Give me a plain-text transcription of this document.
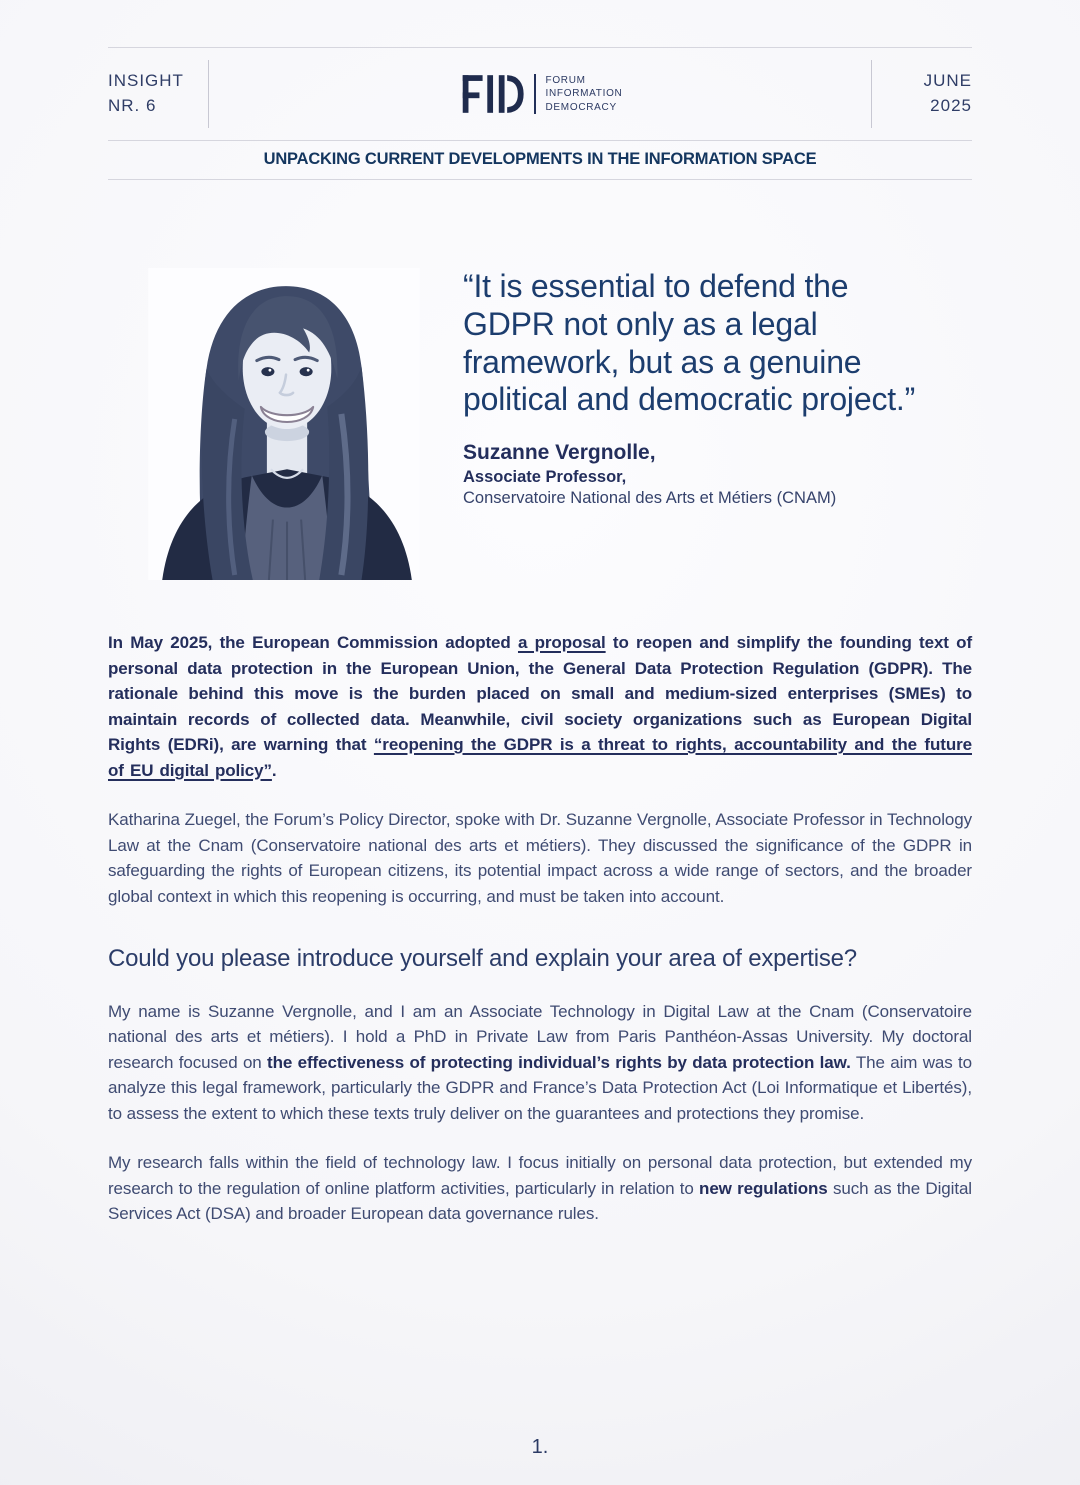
INSIGHT
NR. 6
FORUM
INFORMATION
DEMOCRACY
JUNE
2025
UNPACKING CURRENT DEVELOPMENTS IN THE INFORMATION SPACE
“It is essential to defend the GDPR not only as a legal framework, but as a genuine political and democratic project.”
Suzanne Vergnolle,
Associate Professor,
Conservatoire National des Arts et Métiers (CNAM)

In May 2025, the European Commission adopted a proposal to reopen and simplify the founding text of personal data protection in the European Union, the General Data Protection Regulation (GDPR). The rationale behind this move is the burden placed on small and medium-sized enterprises (SMEs) to maintain records of collected data. Meanwhile, civil society organizations such as European Digital Rights (EDRi), are warning that “reopening the GDPR is a threat to rights, accountability and the future of EU digital policy”.

Katharina Zuegel, the Forum’s Policy Director, spoke with Dr. Suzanne Vergnolle, Associate Professor in Technology Law at the Cnam (Conservatoire national des arts et métiers). They discussed the significance of the GDPR in safeguarding the rights of European citizens, its potential impact across a wide range of sectors, and the broader global context in which this reopening is occurring, and must be taken into account.

Could you please introduce yourself and explain your area of expertise?

My name is Suzanne Vergnolle, and I am an Associate Technology in Digital Law at the Cnam (Conservatoire national des arts et métiers). I hold a PhD in Private Law from Paris Panthéon-Assas University. My doctoral research focused on the effectiveness of protecting individual’s rights by data protection law. The aim was to analyze this legal framework, particularly the GDPR and France’s Data Protection Act (Loi Informatique et Libertés), to assess the extent to which these texts truly deliver on the guarantees and protections they promise.

My research falls within the field of technology law. I focus initially on personal data protection, but extended my research to the regulation of online platform activities, particularly in relation to new regulations such as the Digital Services Act (DSA) and broader European data governance rules.

1.
